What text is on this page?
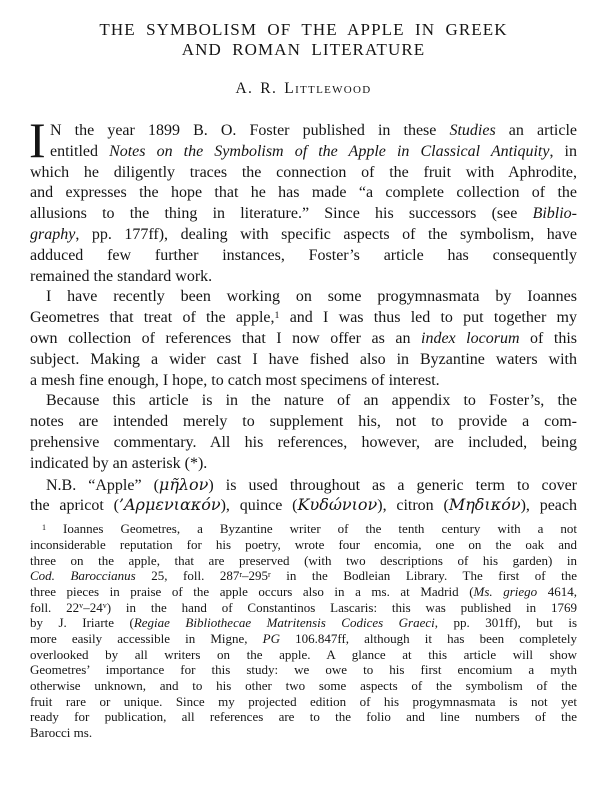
THE SYMBOLISM OF THE APPLE IN GREEK
AND ROMAN LITERATURE
A. R. Littlewood
I N the year 1899 B. O. Foster published in these Studies an article
entitled Notes on the Symbolism of the Apple in Classical Antiquity, in
which he diligently traces the connection of the fruit with Aphrodite,
and expresses the hope that he has made “a complete collection of the
allusions to the thing in literature.” Since his successors (see Biblio-
graphy, pp. 177ff), dealing with specific aspects of the symbolism, have
adduced few further instances, Foster’s article has consequently
remained the standard work.
I have recently been working on some progymnasmata by Ioannes
Geometres that treat of the apple,$^1$ and I was thus led to put together my
own collection of references that I now offer as an index locorum of this
subject. Making a wider cast I have fished also in Byzantine waters with
a mesh fine enough, I hope, to catch most specimens of interest.
Because this article is in the nature of an appendix to Foster’s, the
notes are intended merely to supplement his, not to provide a com-
prehensive commentary. All his references, however, are included, being
indicated by an asterisk (*).
N.B. “Apple” (μῆλον) is used throughout as a generic term to cover
the apricot (’Αρμενιακόν), quince (Κυδώνιον), citron (Μηδικόν), peach
$^1$ Ioannes Geometres, a Byzantine writer of the tenth century with a not
inconsiderable reputation for his poetry, wrote four encomia, one on the oak and
three on the apple, that are preserved (with two descriptions of his garden) in
Cod. Baroccianus 25, foll. 287$^r$–295$^r$ in the Bodleian Library. The first of the
three pieces in praise of the apple occurs also in a ms. at Madrid (Ms. griego 4614,
foll. 22$^v$–24$^v$) in the hand of Constantinos Lascaris: this was published in 1769
by J. Iriarte (Regiae Bibliothecae Matritensis Codices Graeci, pp. 301ff), but is
more easily accessible in Migne, PG 106.847ff, although it has been completely
overlooked by all writers on the apple. A glance at this article will show
Geometres’ importance for this study: we owe to his first encomium a myth
otherwise unknown, and to his other two some aspects of the symbolism of the
fruit rare or unique. Since my projected edition of his progymnasmata is not yet
ready for publication, all references are to the folio and line numbers of the
Barocci ms.
